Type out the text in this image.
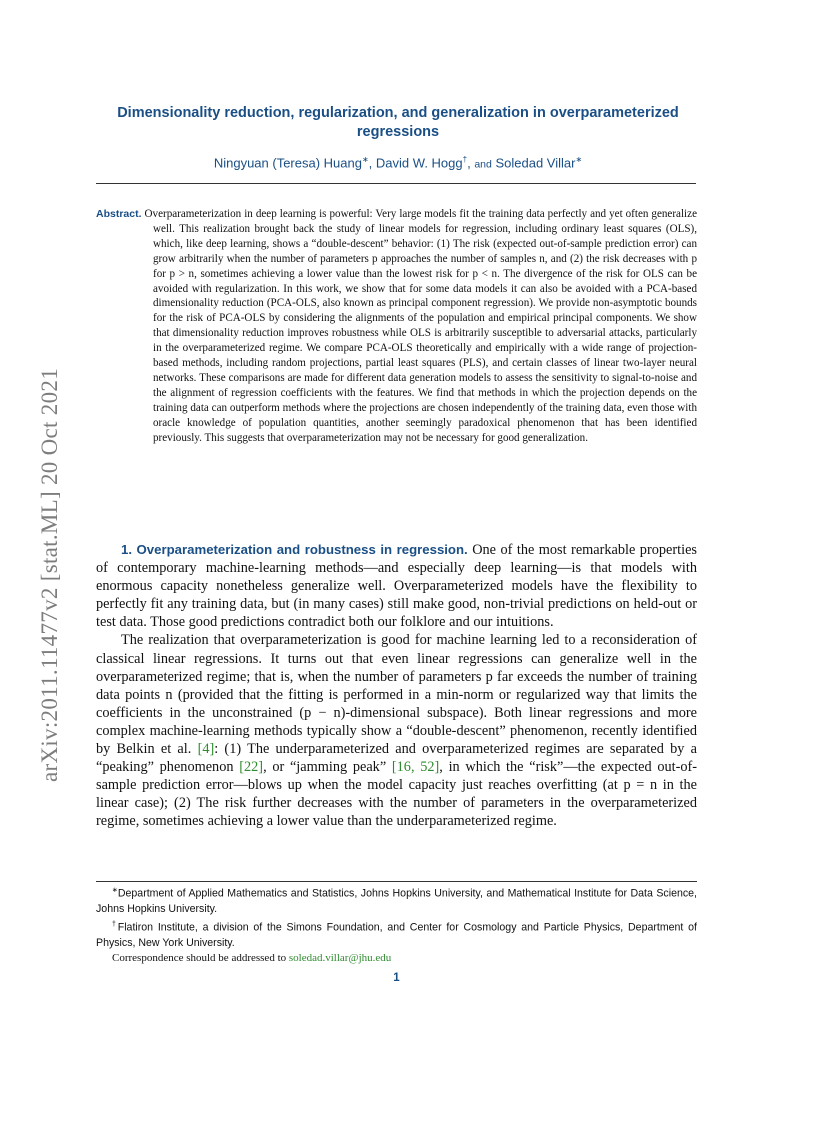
arXiv:2011.11477v2 [stat.ML] 20 Oct 2021
Dimensionality reduction, regularization, and generalization in overparameterized regressions
Ningyuan (Teresa) Huang∗, David W. Hogg†, and Soledad Villar∗
Abstract. Overparameterization in deep learning is powerful: Very large models fit the training data perfectly and yet often generalize well. This realization brought back the study of linear models for regression, including ordinary least squares (OLS), which, like deep learning, shows a “double-descent” behavior: (1) The risk (expected out-of-sample prediction error) can grow arbitrarily when the number of parameters p approaches the number of samples n, and (2) the risk decreases with p for p > n, sometimes achieving a lower value than the lowest risk for p < n. The divergence of the risk for OLS can be avoided with regularization. In this work, we show that for some data models it can also be avoided with a PCA-based dimensionality reduction (PCA-OLS, also known as principal component regression). We provide non-asymptotic bounds for the risk of PCA-OLS by considering the alignments of the population and empirical principal components. We show that dimensionality reduction improves robustness while OLS is arbitrarily susceptible to adversarial attacks, particularly in the overparameterized regime. We compare PCA-OLS theoretically and empirically with a wide range of projection-based methods, including random projections, partial least squares (PLS), and certain classes of linear two-layer neural networks. These comparisons are made for different data generation models to assess the sensitivity to signal-to-noise and the alignment of regression coefficients with the features. We find that methods in which the projection depends on the training data can outperform methods where the projections are chosen independently of the training data, even those with oracle knowledge of population quantities, another seemingly paradoxical phenomenon that has been identified previously. This suggests that overparameterization may not be necessary for good generalization.

1. Overparameterization and robustness in regression. One of the most remarkable properties of contemporary machine-learning methods—and especially deep learning—is that models with enormous capacity nonetheless generalize well. Overparameterized models have the flexibility to perfectly fit any training data, but (in many cases) still make good, non-trivial predictions on held-out or test data. Those good predictions contradict both our folklore and our intuitions.

The realization that overparameterization is good for machine learning led to a reconsideration of classical linear regressions. It turns out that even linear regressions can generalize well in the overparameterized regime; that is, when the number of parameters p far exceeds the number of training data points n (provided that the fitting is performed in a min-norm or regularized way that limits the coefficients in the unconstrained (p − n)-dimensional subspace). Both linear regressions and more complex machine-learning methods typically show a “double-descent” phenomenon, recently identified by Belkin et al. [4]: (1) The underparameterized and overparameterized regimes are separated by a “peaking” phenomenon [22], or “jamming peak” [16, 52], in which the “risk”—the expected out-of-sample prediction error—blows up when the model capacity just reaches overfitting (at p = n in the linear case); (2) The risk further decreases with the number of parameters in the overparameterized regime, sometimes achieving a lower value than the underparameterized regime.

∗Department of Applied Mathematics and Statistics, Johns Hopkins University, and Mathematical Institute for Data Science, Johns Hopkins University.

†Flatiron Institute, a division of the Simons Foundation, and Center for Cosmology and Particle Physics, Department of Physics, New York University.

Correspondence should be addressed to soledad.villar@jhu.edu

1
